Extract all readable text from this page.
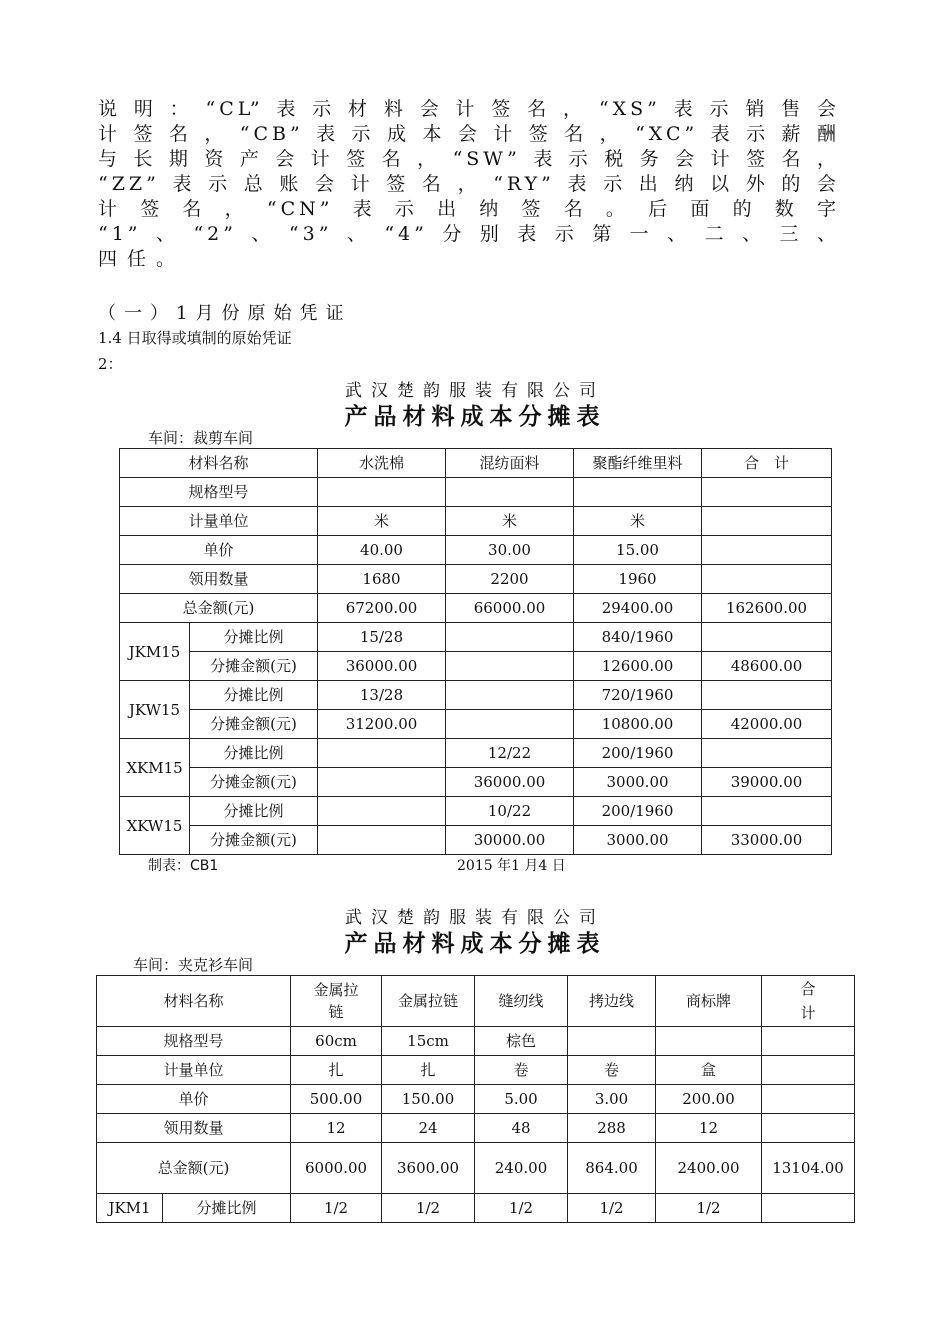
说明：“CL”表示材料会计签名，“XS”表示销售会
计签名，“CB”表示成本会计签名，“XC”表示薪酬
与长期资产会计签名，“SW”表示税务会计签名，
“ZZ”表示总账会计签名，“RY”表示出纳以外的会
计签名，“CN”表示出纳签名。后面的数字
“1”、“2”、“3”、“4”分别表示第一、二、三、
四任。
（一）1月份原始凭证
1.4 日取得或填制的原始凭证
2：
武汉楚韵服装有限公司
产品材料成本分摊表
车间：裁剪车间
材料名称		水洗棉	混纺面料	聚酯纤维里料	合　计
规格型号					
计量单位		米	米	米	
单价		40.00	30.00	15.00	
领用数量		1680	2200	1960	
总金额(元)		67200.00	66000.00	29400.00	162600.00
JKM15	分摊比例	15/28		840/1960	
	分摊金额(元)	36000.00		12600.00	48600.00
JKW15	分摊比例	13/28		720/1960	
	分摊金额(元)	31200.00		10800.00	42000.00
XKM15	分摊比例		12/22	200/1960	
	分摊金额(元)		36000.00	3000.00	39000.00
XKW15	分摊比例		10/22	200/1960	
	分摊金额(元)		30000.00	3000.00	33000.00
制表：CB1	2015 年1 月4 日
武汉楚韵服装有限公司
产品材料成本分摊表
车间：夹克衫车间
材料名称		金属拉链	金属拉链	缝纫线	拷边线	商标牌	合计
规格型号		60cm	15cm	棕色			
计量单位		扎	扎	卷	卷	盒	
单价		500.00	150.00	5.00	3.00	200.00	
领用数量		12	24	48	288	12	
总金额(元)		6000.00	3600.00	240.00	864.00	2400.00	13104.00
JKM1	分摊比例	1/2	1/2	1/2	1/2	1/2	
